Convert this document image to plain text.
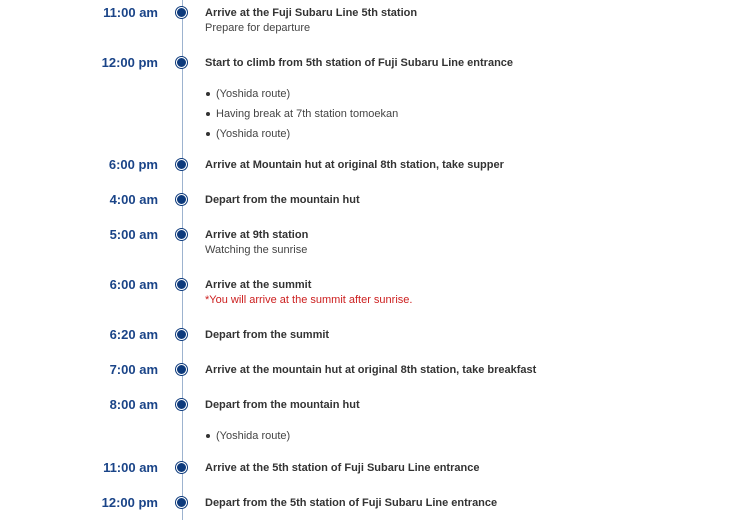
11:00 am	Arrive at the Fuji Subaru Line 5th station
Prepare for departure
12:00 pm	Start to climb from 5th station of Fuji Subaru Line entrance
(Yoshida route)
Having break at 7th station tomoekan
(Yoshida route)
6:00 pm	Arrive at Mountain hut at original 8th station, take supper
4:00 am	Depart from the mountain hut
5:00 am	Arrive at 9th station
Watching the sunrise
6:00 am	Arrive at the summit
*You will arrive at the summit after sunrise.
6:20 am	Depart from the summit
7:00 am	Arrive at the mountain hut at original 8th station, take breakfast
8:00 am	Depart from the mountain hut
(Yoshida route)
11:00 am	Arrive at the 5th station of Fuji Subaru Line entrance
12:00 pm	Depart from the 5th station of Fuji Subaru Line entrance
